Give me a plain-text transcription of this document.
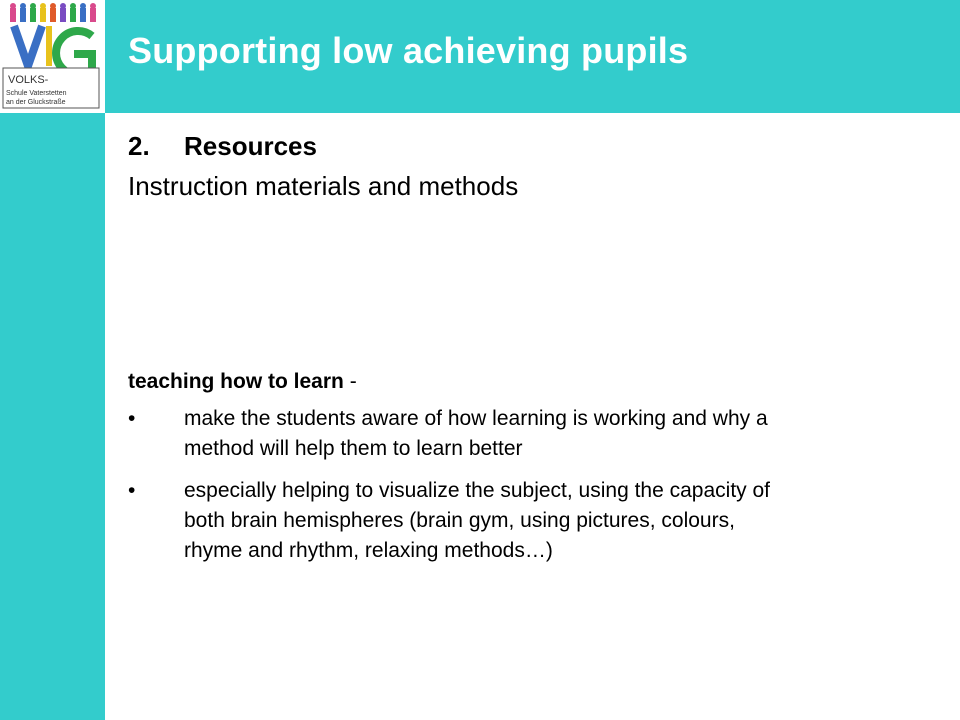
VOLKS-
Schule Vaterstetten
an der Gluckstraße
Supporting low achieving pupils
2. Resources
Instruction materials and methods
teaching how to learn -
• make the students aware of how learning is working and why a method will help them to learn better
• especially helping to visualize the subject, using the capacity of both brain hemispheres (brain gym, using pictures, colours, rhyme and rhythm, relaxing methods…)
